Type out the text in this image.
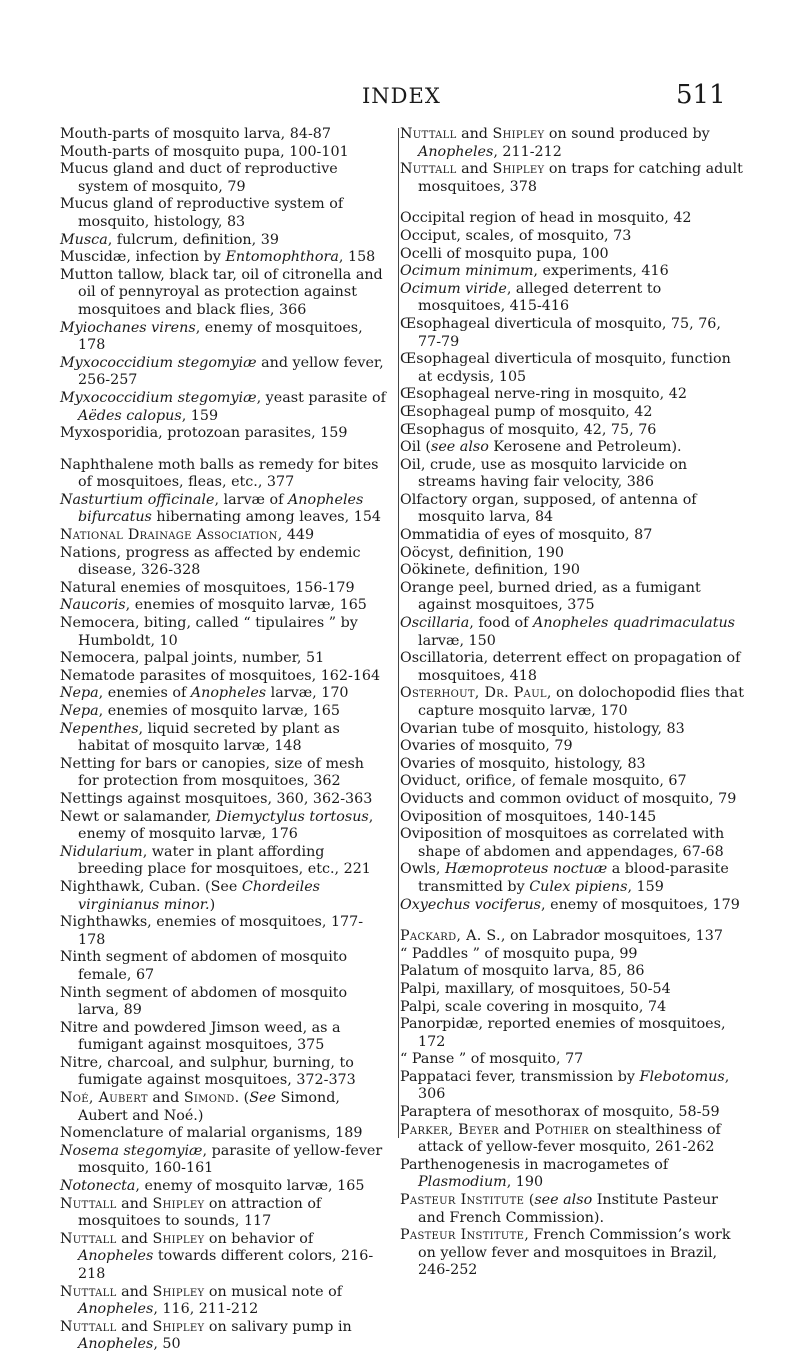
INDEX	511

Mouth-parts of mosquito larva, 84-87

Mouth-parts of mosquito pupa, 100-101

Mucus gland and duct of reproductive system of mosquito, 79

Mucus gland of reproductive system of mosquito, histology, 83

Musca, fulcrum, definition, 39

Muscidæ, infection by Entomophthora, 158

Mutton tallow, black tar, oil of citronella and oil of pennyroyal as protection against mosquitoes and black flies, 366

Myiochanes virens, enemy of mosquitoes, 178

Myxococcidium stegomyiæ and yellow fever, 256-257

Myxococcidium stegomyiæ, yeast parasite of Aëdes calopus, 159

Myxosporidia, protozoan parasites, 159

Naphthalene moth balls as remedy for bites of mosquitoes, fleas, etc., 377

Nasturtium officinale, larvæ of Anopheles bifurcatus hibernating among leaves, 154

National Drainage Association, 449

Nations, progress as affected by endemic disease, 326-328

Natural enemies of mosquitoes, 156-179

Naucoris, enemies of mosquito larvæ, 165

Nemocera, biting, called “ tipulaires ” by Humboldt, 10

Nemocera, palpal joints, number, 51

Nematode parasites of mosquitoes, 162-164

Nepa, enemies of Anopheles larvæ, 170

Nepa, enemies of mosquito larvæ, 165

Nepenthes, liquid secreted by plant as habitat of mosquito larvæ, 148

Netting for bars or canopies, size of mesh for protection from mosquitoes, 362

Nettings against mosquitoes, 360, 362-363

Newt or salamander, Diemyctylus tortosus, enemy of mosquito larvæ, 176

Nidularium, water in plant affording breeding place for mosquitoes, etc., 221

Nighthawk, Cuban. (See Chordeiles virginianus minor.)

Nighthawks, enemies of mosquitoes, 177-178

Ninth segment of abdomen of mosquito female, 67

Ninth segment of abdomen of mosquito larva, 89

Nitre and powdered Jimson weed, as a fumigant against mosquitoes, 375

Nitre, charcoal, and sulphur, burning, to fumigate against mosquitoes, 372-373

Noé, Aubert and Simond. (See Simond, Aubert and Noé.)

Nomenclature of malarial organisms, 189

Nosema stegomyiæ, parasite of yellow-fever mosquito, 160-161

Notonecta, enemy of mosquito larvæ, 165

Nuttall and Shipley on attraction of mosquitoes to sounds, 117

Nuttall and Shipley on behavior of Anopheles towards different colors, 216-218

Nuttall and Shipley on musical note of Anopheles, 116, 211-212

Nuttall and Shipley on salivary pump in Anopheles, 50

Nuttall and Shipley on sound produced by Anopheles, 211-212

Nuttall and Shipley on traps for catching adult mosquitoes, 378

Occipital region of head in mosquito, 42

Occiput, scales, of mosquito, 73

Ocelli of mosquito pupa, 100

Ocimum minimum, experiments, 416

Ocimum viride, alleged deterrent to mosquitoes, 415-416

Œsophageal diverticula of mosquito, 75, 76, 77-79

Œsophageal diverticula of mosquito, function at ecdysis, 105

Œsophageal nerve-ring in mosquito, 42

Œsophageal pump of mosquito, 42

Œsophagus of mosquito, 42, 75, 76

Oil (see also Kerosene and Petroleum).

Oil, crude, use as mosquito larvicide on streams having fair velocity, 386

Olfactory organ, supposed, of antenna of mosquito larva, 84

Ommatidia of eyes of mosquito, 87

Oöcyst, definition, 190

Oökinete, definition, 190

Orange peel, burned dried, as a fumigant against mosquitoes, 375

Oscillaria, food of Anopheles quadrimaculatus larvæ, 150

Oscillatoria, deterrent effect on propagation of mosquitoes, 418

Osterhout, Dr. Paul, on dolochopodid flies that capture mosquito larvæ, 170

Ovarian tube of mosquito, histology, 83

Ovaries of mosquito, 79

Ovaries of mosquito, histology, 83

Oviduct, orifice, of female mosquito, 67

Oviducts and common oviduct of mosquito, 79

Oviposition of mosquitoes, 140-145

Oviposition of mosquitoes as correlated with shape of abdomen and appendages, 67-68

Owls, Hæmoproteus noctuæ a blood-parasite transmitted by Culex pipiens, 159

Oxyechus vociferus, enemy of mosquitoes, 179

Packard, A. S., on Labrador mosquitoes, 137

“ Paddles ” of mosquito pupa, 99

Palatum of mosquito larva, 85, 86

Palpi, maxillary, of mosquitoes, 50-54

Palpi, scale covering in mosquito, 74

Panorpidæ, reported enemies of mosquitoes, 172

“ Panse ” of mosquito, 77

Pappataci fever, transmission by Flebotomus, 306

Paraptera of mesothorax of mosquito, 58-59

Parker, Beyer and Pothier on stealthiness of attack of yellow-fever mosquito, 261-262

Parthenogenesis in macrogametes of Plasmodium, 190

Pasteur Institute (see also Institute Pasteur and French Commission).

Pasteur Institute, French Commission’s work on yellow fever and mosquitoes in Brazil, 246-252
